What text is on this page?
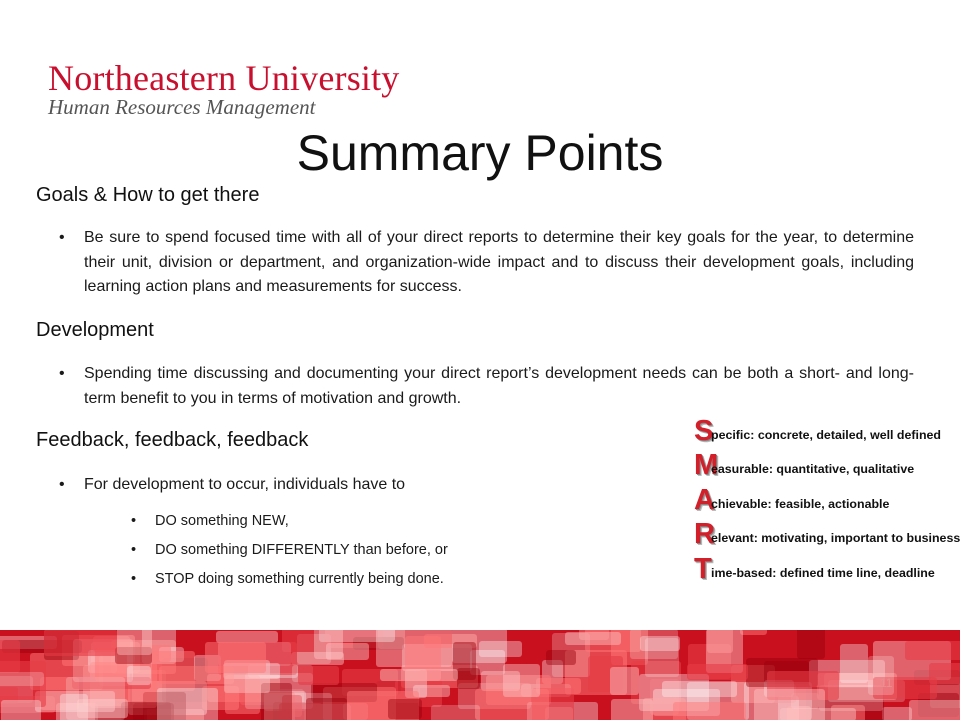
Northeastern University
Human Resources Management
Summary Points
Goals & How to get there
• Be sure to spend focused time with all of your direct reports to determine their key goals for the year, to determine their unit, division or department, and organization-wide impact and to discuss their development goals, including learning action plans and measurements for success.
Development
• Spending time discussing and documenting your direct report’s development needs can be both a short- and long-term benefit to you in terms of motivation and growth.
Feedback, feedback, feedback
• For development to occur, individuals have to
• DO something NEW,
• DO something DIFFERENTLY than before, or
• STOP doing something currently being done.
S
pecific: concrete, detailed, well defined
M
easurable: quantitative, qualitative
A
chievable: feasible, actionable
R
elevant: motivating, important to business
T ime-based: defined time line, deadline
11
